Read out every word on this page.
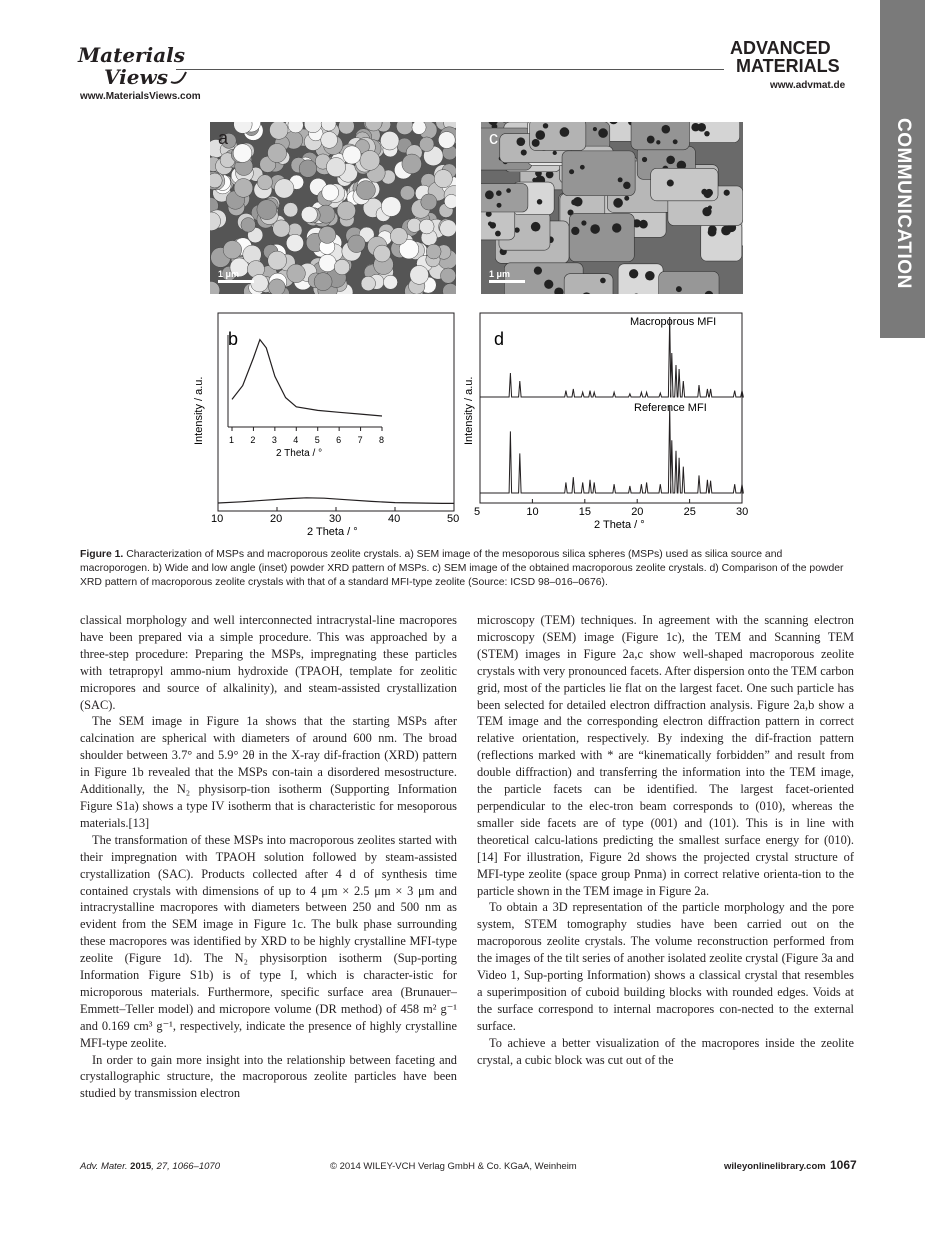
Materials
Views
www.MaterialsViews.com
ADVANCED
MATERIALS
www.advmat.de
COMMUNICATION
a
1 μm
c
1 μm
b
Intensity / a.u.
2 Theta / °
2 Theta / °
1 2 3 4 5 6 7 8
10	20	30	40	50
d
Intensity / a.u.
Macroporous MFI
Reference MFI
2 Theta / °
5	10	15	20	25	30
Figure 1. Characterization of MSPs and macroporous zeolite crystals. a) SEM image of the mesoporous silica spheres (MSPs) used as silica source and macroporogen. b) Wide and low angle (inset) powder XRD pattern of MSPs. c) SEM image of the obtained macroporous zeolite crystals. d) Comparison of the powder XRD pattern of macroporous zeolite crystals with that of a standard MFI-type zeolite (Source: ICSD 98–016–0676).

classical morphology and well interconnected intracrystal-line macropores have been prepared via a simple procedure. This was approached by a three-step procedure: Preparing the MSPs, impregnating these particles with tetrapropyl ammo-nium hydroxide (TPAOH, template for zeolitic micropores and source of alkalinity), and steam-assisted crystallization (SAC).

The SEM image in Figure 1a shows that the starting MSPs after calcination are spherical with diameters of around 600 nm. The broad shoulder between 3.7° and 5.9° 2θ in the X-ray dif-fraction (XRD) pattern in Figure 1b revealed that the MSPs con-tain a disordered mesostructure. Additionally, the N₂ physisorp-tion isotherm (Supporting Information Figure S1a) shows a type IV isotherm that is characteristic for mesoporous materials.[13]

The transformation of these MSPs into macroporous zeolites started with their impregnation with TPAOH solution followed by steam-assisted crystallization (SAC). Products collected after 4 d of synthesis time contained crystals with dimensions of up to 4 μm × 2.5 μm × 3 μm and intracrystalline macropores with diameters between 250 and 500 nm as evident from the SEM image in Figure 1c. The bulk phase surrounding these macropores was identified by XRD to be highly crystalline MFI-type zeolite (Figure 1d). The N₂ physisorption isotherm (Sup-porting Information Figure S1b) is of type I, which is character-istic for microporous materials. Furthermore, specific surface area (Brunauer–Emmett–Teller model) and micropore volume (DR method) of 458 m² g⁻¹ and 0.169 cm³ g⁻¹, respectively, indicate the presence of highly crystalline MFI-type zeolite.

In order to gain more insight into the relationship between faceting and crystallographic structure, the macroporous zeolite particles have been studied by transmission electron

microscopy (TEM) techniques. In agreement with the scanning electron microscopy (SEM) image (Figure 1c), the TEM and Scanning TEM (STEM) images in Figure 2a,c show well-shaped macroporous zeolite crystals with very pronounced facets. After dispersion onto the TEM carbon grid, most of the particles lie flat on the largest facet. One such particle has been selected for detailed electron diffraction analysis. Figure 2a,b show a TEM image and the corresponding electron diffraction pattern in correct relative orientation, respectively. By indexing the dif-fraction pattern (reflections marked with * are “kinematically forbidden” and result from double diffraction) and transferring the information into the TEM image, the particle facets can be identified. The largest facet-oriented perpendicular to the elec-tron beam corresponds to (010), whereas the smaller side facets are of type (001) and (101). This is in line with theoretical calcu-lations predicting the smallest surface energy for (010).[14] For illustration, Figure 2d shows the projected crystal structure of MFI-type zeolite (space group Pnma) in correct relative orienta-tion to the particle shown in the TEM image in Figure 2a.

To obtain a 3D representation of the particle morphology and the pore system, STEM tomography studies have been carried out on the macroporous zeolite crystals. The volume reconstruction performed from the images of the tilt series of another isolated zeolite crystal (Figure 3a and Video 1, Sup-porting Information) shows a classical crystal that resembles a superimposition of cuboid building blocks with rounded edges. Voids at the surface correspond to internal macropores con-nected to the external surface.

To achieve a better visualization of the macropores inside the zeolite crystal, a cubic block was cut out of the

Adv. Mater. 2015, 27, 1066–1070	© 2014 WILEY-VCH Verlag GmbH & Co. KGaA, Weinheim	wileyonlinelibrary.com 1067
